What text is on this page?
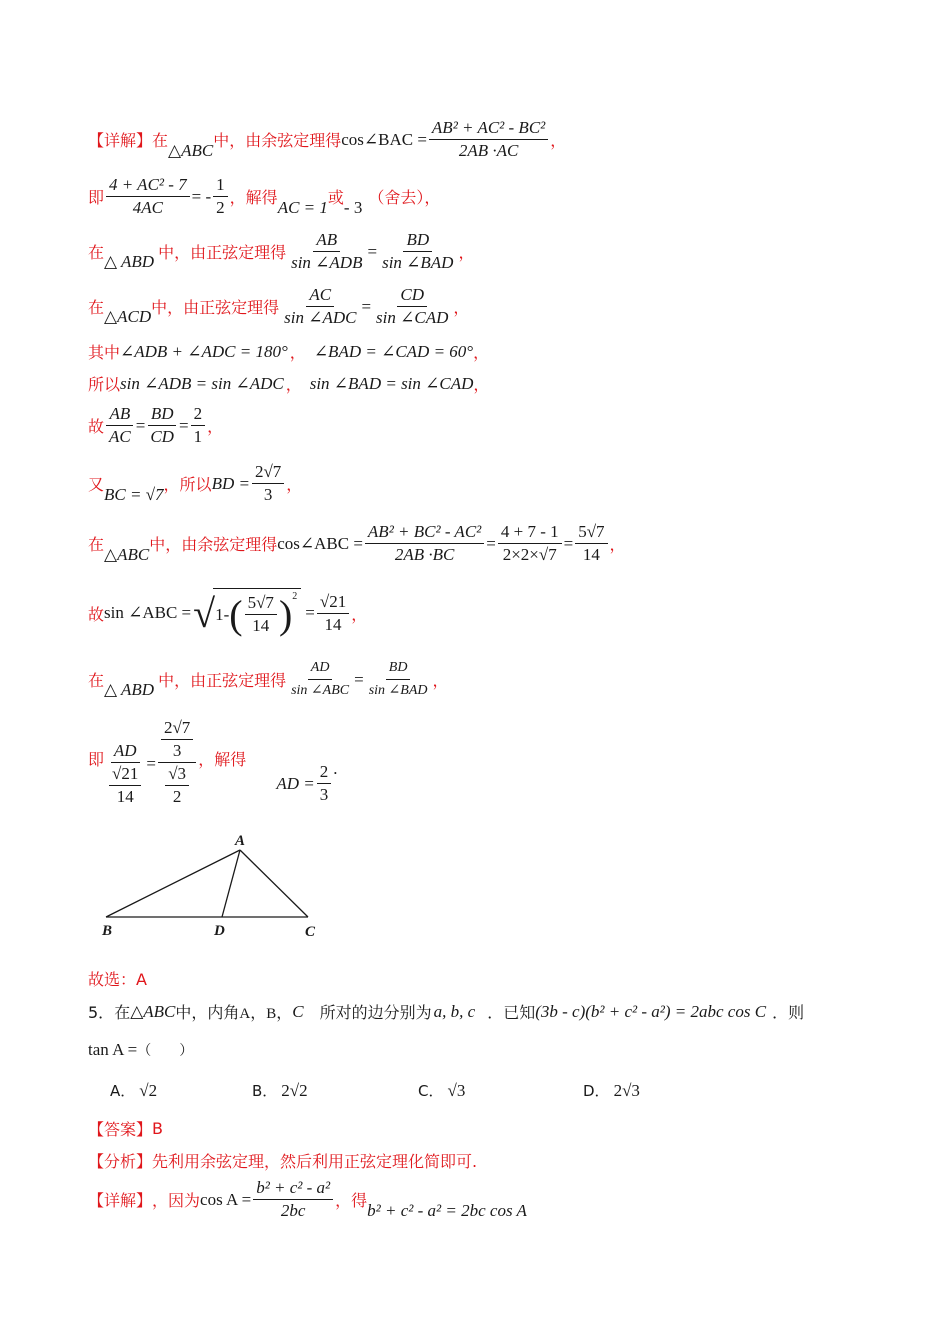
【详解】在 △ABC 中，由余弦定理得 cos∠BAC = $\frac{\text{AB² + AC² - BC²}}{2AB \cdot AC}$ ，
即 $\frac{\text{4 + AC² - 7}}{4AC}$ = - $\frac{1}{2}$ ，解得 AC = 1 或 - 3 （舍去），
在 △ ABD 中，由正弦定理得 $\frac{AB}{\text{sin ∠ADB}} = \frac{BD}{\text{sin ∠BAD}}$ ，
在 △ACD 中，由正弦定理得 $\frac{AC}{\text{sin ∠ADC}} = \frac{CD}{\text{sin ∠CAD}}$ ，
其中 ∠ADB + ∠ADC = 180° ， ∠BAD = ∠CAD = 60° ，
所以 sin ∠ADB = sin ∠ADC ， sin ∠BAD = sin ∠CAD ，
故 $\frac{AB}{AC} = \frac{BD}{CD} = \frac{2}{1}$ ，
又 BC = √7 ，所以 BD = $\frac{2√7}{3}$ ，
在 △ABC 中，由余弦定理得 cos∠ABC = $\frac{\text{AB² + BC² - AC²}}{2AB \cdot BC} = \frac{4 + 7 - 1}{2\times 2\times√7} = \frac{5√7}{14}$ ，
故 sin ∠ABC = √ 1- ( $\frac{5√7}{14}$ ) 2
= $\frac{√21}{14}$ ，
在 △ ABD 中，由正弦定理得 $\frac{AD}{\text{sin ∠ABC}} = \frac{BD}{\text{sin ∠BAD}}$ ，
即 $\frac{AD}{\frac{√21}{14}} = \frac{\frac{2√7}{3}}{\frac{√3}{2}}$ ，解得
AD = $\frac{2}{3}$ .
A
B	D	C
故选：A
5． 在 △ABC 中，内角 A ， B ， C 所对的边分别为 a, b, c ．已知 (3b - c)(b² + c² - a²) = 2abc cos C ．则
tan A = （　　）
A． √2	B． 2√2	C． √3	D． 2√3
【答案】 B
【分析】 先利用余弦定理，然后利用正弦定理化简即可.
【详解】 ，因为 $\cos A = \frac{\text{b² + c² - a²}}{2bc}$ ，得 b² + c² - a² = 2bc cos A
